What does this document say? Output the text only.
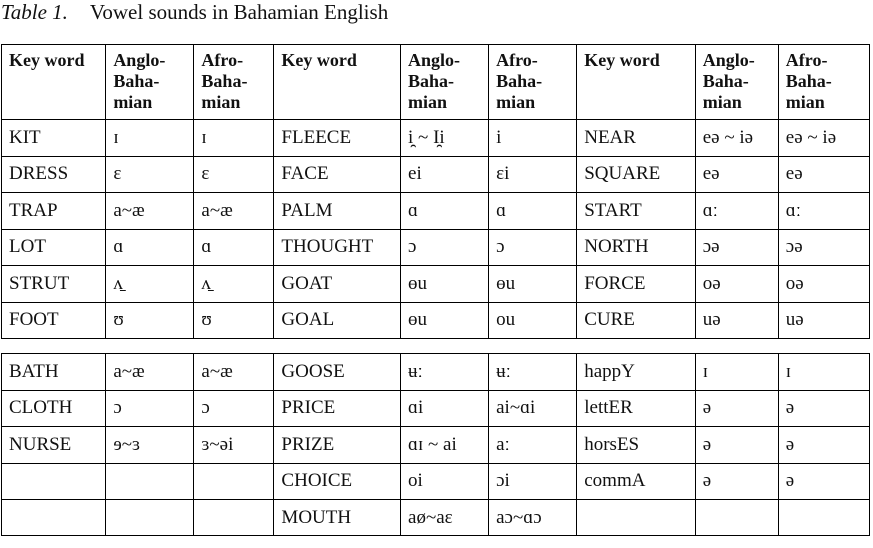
Table 1. Vowel sounds in Bahamian English
Key word	Anglo-Baha-mian	Afro-Baha-mian	Key word	Anglo-Baha-mian	Afro-Baha-mian	Key word	Anglo-Baha-mian	Afro-Baha-mian
KIT	ɪ	ɪ	FLEECE	i̯ ~ I̯i	i	NEAR	eə ~ iə	eə ~ iə
DRESS	ɛ	ɛ	FACE	ei	ɛi	SQUARE	eə	eə
TRAP	a~æ	a~æ	PALM	ɑ	ɑ	START	ɑː	ɑː
LOT	ɑ	ɑ	THOUGHT	ɔ	ɔ	NORTH	ɔə	ɔə
STRUT	ʌ̱	ʌ̱	GOAT	ɵu	ɵu	FORCE	oə	oə
FOOT	ʊ	ʊ	GOAL	ɵu	ou	CURE	uə	uə
BATH	a~æ	a~æ	GOOSE	ʉː	ʉː	happY	ɪ	ɪ
CLOTH	ɔ	ɔ	PRICE	ɑi	ai~ɑi	lettER	ə	ə
NURSE	ɘ~ɜ	ɜ~əi	PRIZE	ɑɪ ~ ai	aː	horsES	ə	ə
			CHOICE	oi	ɔi	commA	ə	ə
			MOUTH	aø~aɛ	aɔ~ɑɔ			
